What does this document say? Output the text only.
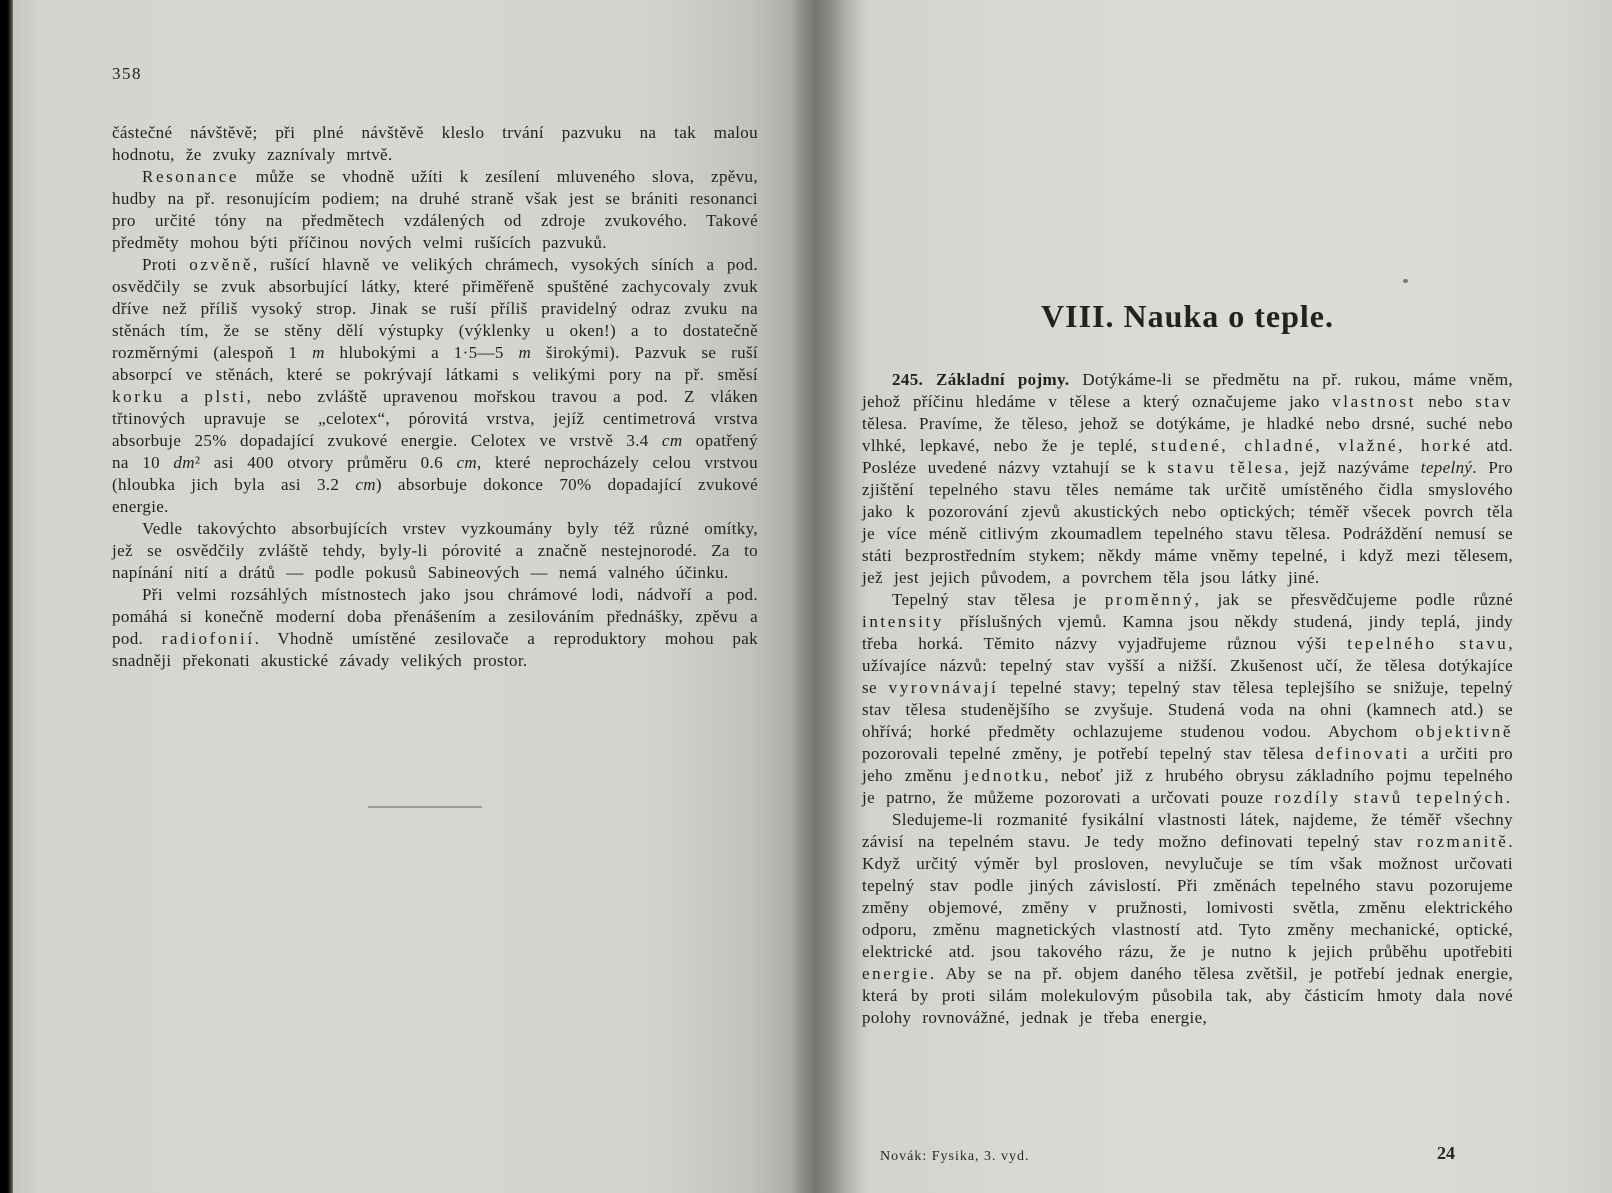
358

částečné návštěvě; při plné návštěvě kleslo trvání pazvuku na tak malou hodnotu, že zvuky zaznívaly mrtvě.

Resonance může se vhodně užíti k zesílení mluveného slova, zpěvu, hudby na př. resonujícím podiem; na druhé straně však jest se brániti resonanci pro určité tóny na předmětech vzdálených od zdroje zvukového. Takové předměty mohou býti příčinou nových velmi rušících pazvuků.

Proti ozvěně, rušící hlavně ve velikých chrámech, vysokých síních a pod. osvědčily se zvuk absorbující látky, které přiměřeně spuštěné zachycovaly zvuk dříve než příliš vysoký strop. Jinak se ruší příliš pravidelný odraz zvuku na stěnách tím, že se stěny dělí výstupky (výklenky u oken!) a to dostatečně rozměrnými (alespoň 1 m hlubokými a 1·5—5 m širokými). Pazvuk se ruší absorpcí ve stěnách, které se pokrývají látkami s velikými pory na př. směsí korku a plsti, nebo zvláště upravenou mořskou travou a pod. Z vláken třtinových upravuje se „celotex“, pórovitá vrstva, jejíž centimetrová vrstva absorbuje 25% dopadající zvukové energie. Celotex ve vrstvě 3.4 cm opatřený na 10 dm² asi 400 otvory průměru 0.6 cm, které neprocházely celou vrstvou (hloubka jich byla asi 3.2 cm) absorbuje dokonce 70% dopadající zvukové energie.

Vedle takovýchto absorbujících vrstev vyzkoumány byly též různé omítky, jež se osvědčily zvláště tehdy, byly-li pórovité a značně nestejnorodé. Za to napínání nití a drátů — podle pokusů Sabineových — nemá valného účinku.

Při velmi rozsáhlých místnostech jako jsou chrámové lodi, nádvoří a pod. pomáhá si konečně moderní doba přenášením a zesilováním přednášky, zpěvu a pod. radiofonií. Vhodně umístěné zesilovače a reproduktory mohou pak snadněji překonati akustické závady velikých prostor.

VIII. Nauka o teple.

245. Základní pojmy. Dotýkáme-li se předmětu na př. rukou, máme vněm, jehož příčinu hledáme v tělese a který označujeme jako vlastnost nebo stav tělesa. Pravíme, že těleso, jehož se dotýkáme, je hladké nebo drsné, suché nebo vlhké, lepkavé, nebo že je teplé, studené, chladné, vlažné, horké atd. Posléze uvedené názvy vztahují se k stavu tělesa, jejž nazýváme tepelný. Pro zjištění tepelného stavu těles nemáme tak určitě umístěného čidla smyslového jako k pozorování zjevů akustických nebo optických; téměř všecek povrch těla je více méně citlivým zkoumadlem tepelného stavu tělesa. Podráždění nemusí se státi bezprostředním stykem; někdy máme vněmy tepelné, i když mezi tělesem, jež jest jejich původem, a povrchem těla jsou látky jiné.

Tepelný stav tělesa je proměnný, jak se přesvědčujeme podle různé intensity příslušných vjemů. Kamna jsou někdy studená, jindy teplá, jindy třeba horká. Těmito názvy vyjadřujeme různou výši tepelného stavu, užívajíce názvů: tepelný stav vyšší a nižší. Zkušenost učí, že tělesa dotýkajíce se vyrovnávají tepelné stavy; tepelný stav tělesa teplejšího se snižuje, tepelný stav tělesa studenějšího se zvyšuje. Studená voda na ohni (kamnech atd.) se ohřívá; horké předměty ochlazujeme studenou vodou. Abychom objektivně pozorovali tepelné změny, je potřebí tepelný stav tělesa definovati a určiti pro jeho změnu jednotku, neboť již z hrubého obrysu základního pojmu tepelného je patrno, že můžeme pozorovati a určovati pouze rozdíly stavů tepelných.

Sledujeme-li rozmanité fysikální vlastnosti látek, najdeme, že téměř všechny závisí na tepelném stavu. Je tedy možno definovati tepelný stav rozmanitě. Když určitý výměr byl prosloven, nevylučuje se tím však možnost určovati tepelný stav podle jiných závislostí. Při změnách tepelného stavu pozorujeme změny objemové, změny v pružnosti, lomivosti světla, změnu elektrického odporu, změnu magnetických vlastností atd. Tyto změny mechanické, optické, elektrické atd. jsou takového rázu, že je nutno k jejich průběhu upotřebiti energie. Aby se na př. objem daného tělesa zvětšil, je potřebí jednak energie, která by proti silám molekulovým působila tak, aby částicím hmoty dala nové polohy rovnovážné, jednak je třeba energie,

Novák: Fysika, 3. vyd.	24
